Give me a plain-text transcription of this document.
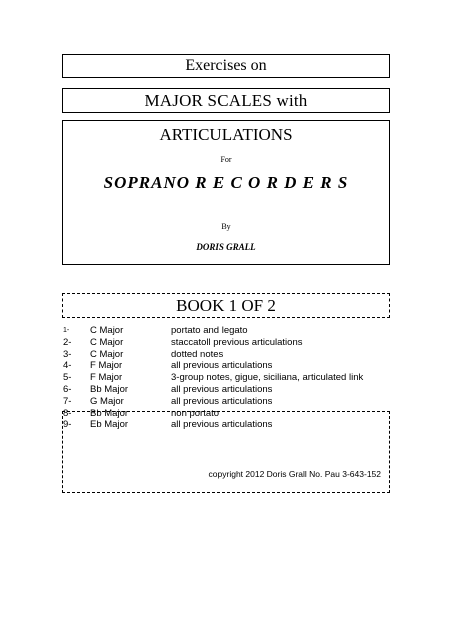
Exercises on
MAJOR SCALES with
ARTICULATIONS
For
SOPRANO R E C O R D E R S
By
DORIS GRALL
BOOK 1 OF 2
copyright 2012 Doris Grall No. Pau 3-643-152
1- C Major	portato and legato
2- C Major	staccatoll previous articulations
3- C Major	dotted notes
4- F Major	all previous articulations
5- F Major	3-group notes, gigue, siciliana, articulated link
6- Bb Major	all previous articulations
7- G Major	all previous articulations
8- Bb Major	non portato
9- Eb Major	all previous articulations
